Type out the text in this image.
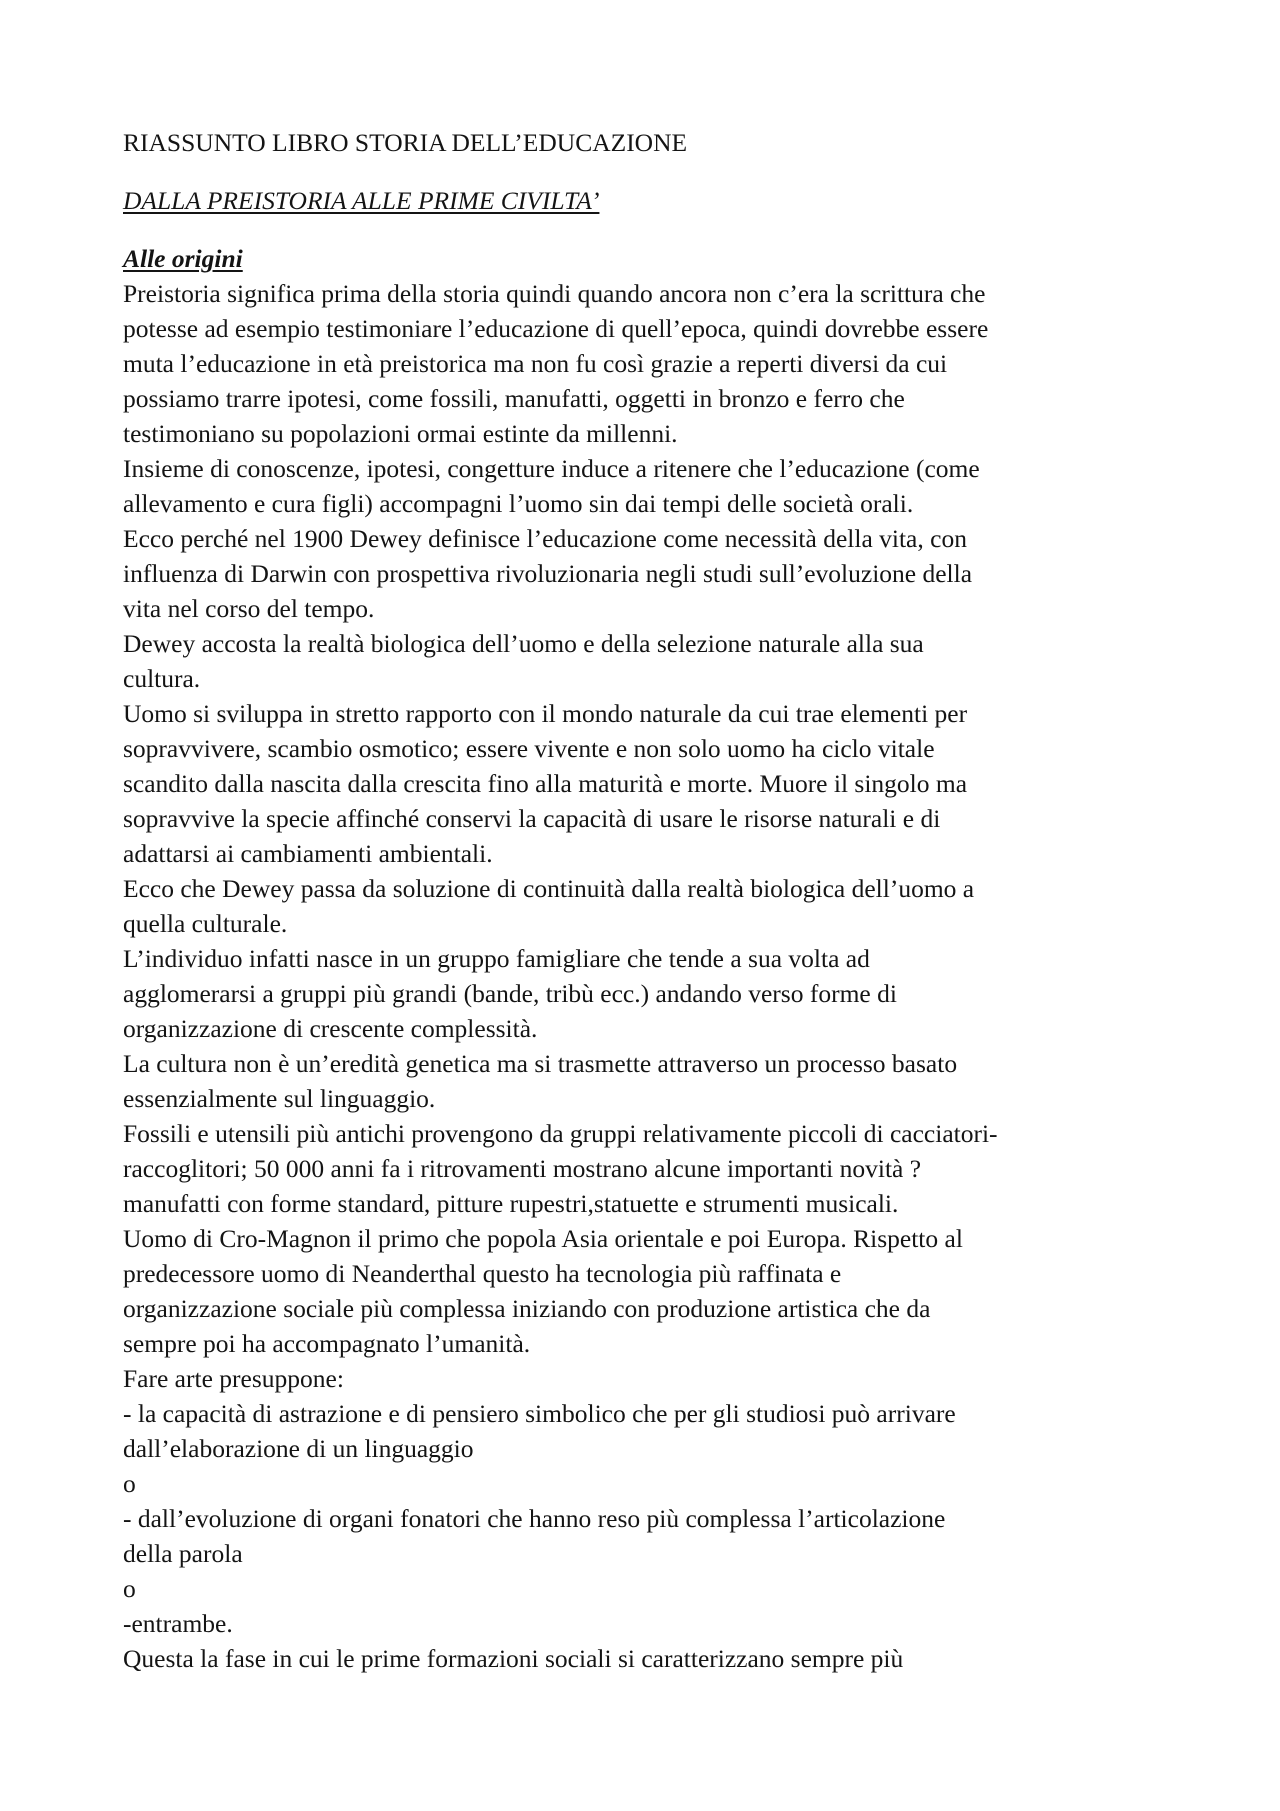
RIASSUNTO LIBRO STORIA DELL’EDUCAZIONE
DALLA PREISTORIA ALLE PRIME CIVILTA’
Alle origini

Preistoria significa prima della storia quindi quando ancora non c’era la scrittura che
potesse ad esempio testimoniare l’educazione di quell’epoca, quindi dovrebbe essere
muta l’educazione in età preistorica ma non fu così grazie a reperti diversi da cui
possiamo trarre ipotesi, come fossili, manufatti, oggetti in bronzo e ferro che
testimoniano su popolazioni ormai estinte da millenni.

Insieme di conoscenze, ipotesi, congetture induce a ritenere che l’educazione (come
allevamento e cura figli) accompagni l’uomo sin dai tempi delle società orali.

Ecco perché nel 1900 Dewey definisce l’educazione come necessità della vita, con
influenza di Darwin con prospettiva rivoluzionaria negli studi sull’evoluzione della
vita nel corso del tempo.

Dewey accosta la realtà biologica dell’uomo e della selezione naturale alla sua
cultura.

Uomo si sviluppa in stretto rapporto con il mondo naturale da cui trae elementi per
sopravvivere, scambio osmotico; essere vivente e non solo uomo ha ciclo vitale
scandito dalla nascita dalla crescita fino alla maturità e morte. Muore il singolo ma
sopravvive la specie affinché conservi la capacità di usare le risorse naturali e di
adattarsi ai cambiamenti ambientali.

Ecco che Dewey passa da soluzione di continuità dalla realtà biologica dell’uomo a
quella culturale.

L’individuo infatti nasce in un gruppo famigliare che tende a sua volta ad
agglomerarsi a gruppi più grandi (bande, tribù ecc.) andando verso forme di
organizzazione di crescente complessità.

La cultura non è un’eredità genetica ma si trasmette attraverso un processo basato
essenzialmente sul linguaggio.

Fossili e utensili più antichi provengono da gruppi relativamente piccoli di cacciatori-
raccoglitori; 50 000 anni fa i ritrovamenti mostrano alcune importanti novità ?
manufatti con forme standard, pitture rupestri,statuette e strumenti musicali.

Uomo di Cro-Magnon il primo che popola Asia orientale e poi Europa. Rispetto al
predecessore uomo di Neanderthal questo ha tecnologia più raffinata e
organizzazione sociale più complessa iniziando con produzione artistica che da
sempre poi ha accompagnato l’umanità.

Fare arte presuppone:

- la capacità di astrazione e di pensiero simbolico che per gli studiosi può arrivare
dall’elaborazione di un linguaggio

o

- dall’evoluzione di organi fonatori che hanno reso più complessa l’articolazione
della parola

o

-entrambe.

Questa la fase in cui le prime formazioni sociali si caratterizzano sempre più
